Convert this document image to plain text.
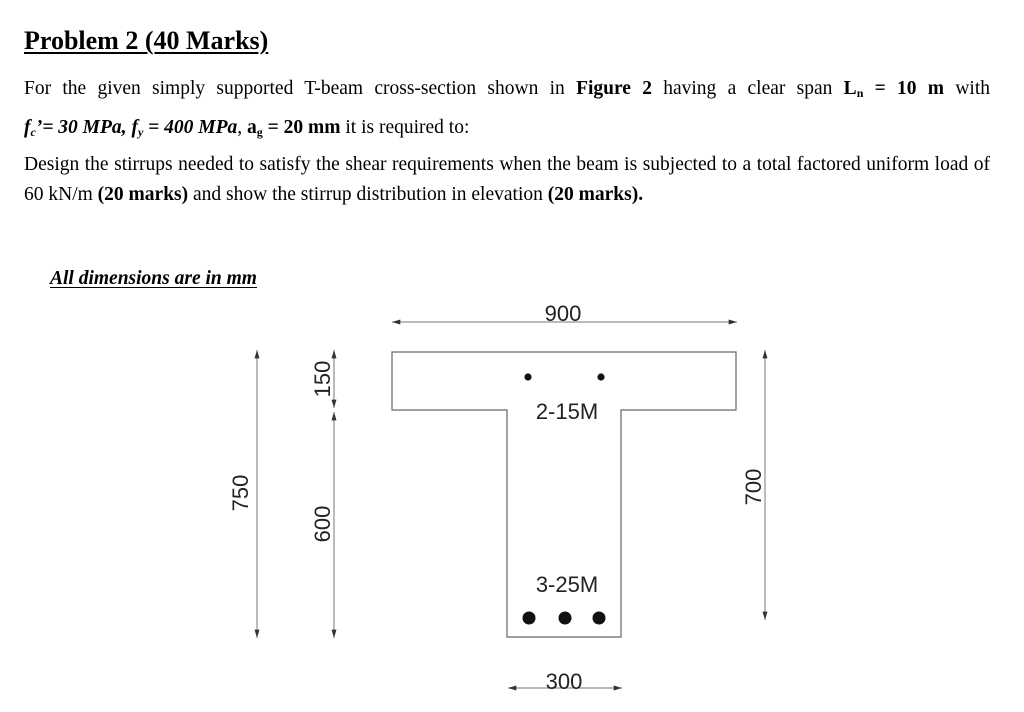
Problem 2 (40 Marks)
For the given simply supported T-beam cross-section shown in Figure 2 having a clear span $L_n = 10$ m with
$f_c’= 30$ MPa, $f_y = 400$ MPa, $a_g = 20$ mm it is required to:
Design the stirrups needed to satisfy the shear requirements when the beam is subjected to a total factored uniform load of 60 kN/m (20 marks) and show the stirrup distribution in elevation (20 marks).
All dimensions are in mm
2-15M
3-25M
900
300
750
150
600
700
